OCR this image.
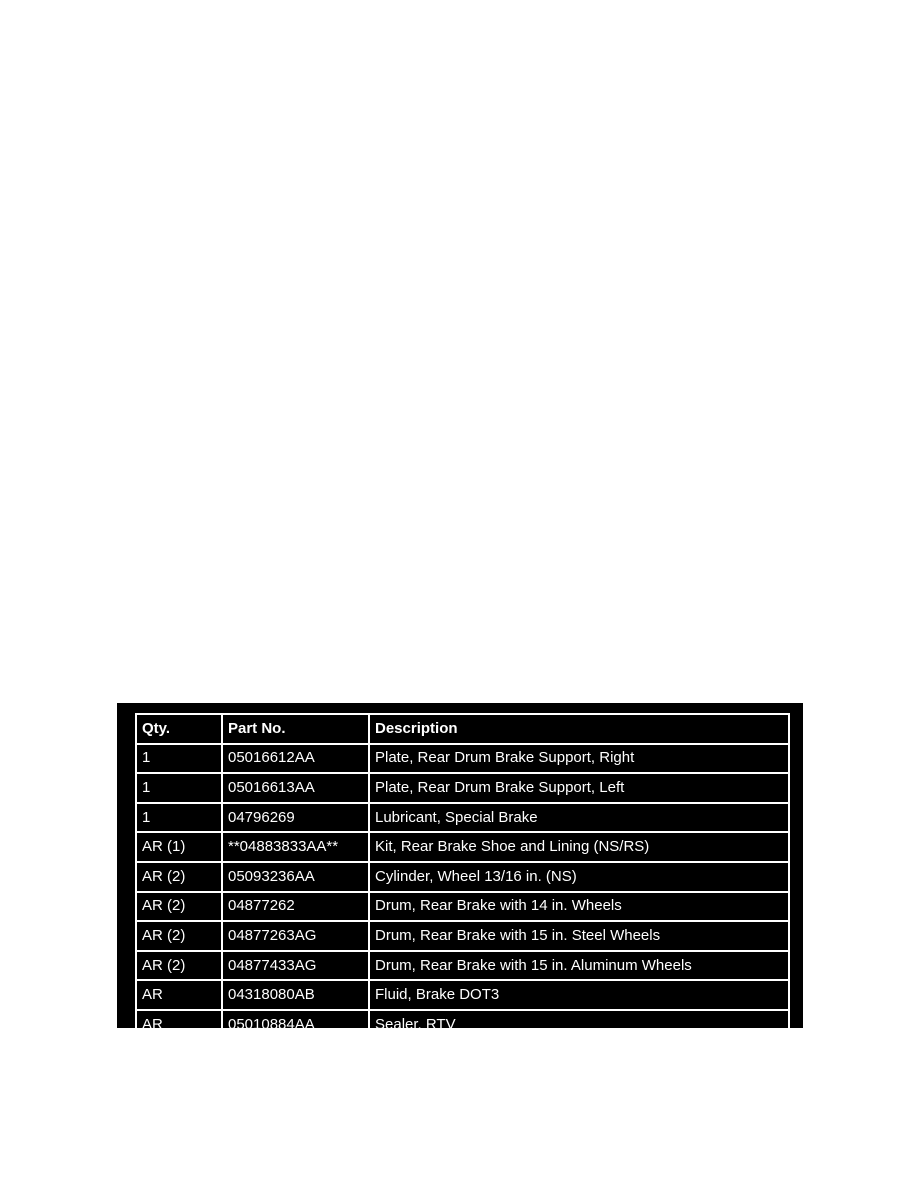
Qty.	Part No.	Description
1	05016612AA	Plate, Rear Drum Brake Support, Right
1	05016613AA	Plate, Rear Drum Brake Support, Left
1	04796269	Lubricant, Special Brake
AR (1)	**04883833AA**	Kit, Rear Brake Shoe and Lining (NS/RS)
AR (2)	05093236AA	Cylinder, Wheel 13/16 in. (NS)
AR (2)	04877262	Drum, Rear Brake with 14 in. Wheels
AR (2)	04877263AG	Drum, Rear Brake with 15 in. Steel Wheels
AR (2)	04877433AG	Drum, Rear Brake with 15 in. Aluminum Wheels
AR	04318080AB	Fluid, Brake DOT3
AR	05010884AA	Sealer, RTV
